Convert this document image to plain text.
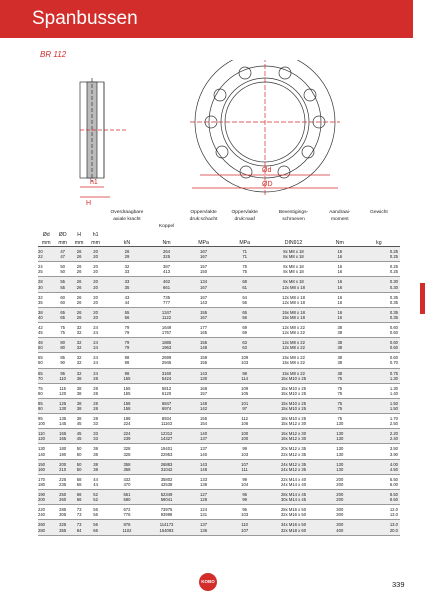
Spanbussen
BR 112
h1
H
Ød
ØD
				Overdraagbare		Oppervlakte	Oppervlakte	Bevestigings-	Aandraai-	Gewicht
				axiale kracht		druk:schacht	druk:naaf	schroeven	moment	
					Koppel					
Ød	ØD	H	h1							
mm	mm	mm	mm	kN	Nm	MPa	MPa	DIN912	Nm	kg
20	47	26	20	26	264	167	71	8x M8 x 18	16	0.25
22	47	26	20	29	325	167	71	8x M8 x 18	16	0.25
24	50	26	20	32	387	157	75	8x M8 x 18	16	0.25
25	50	26	20	33	413	150	75	8x M8 x 18	16	0.25
28	55	26	20	33	462	134	68	8x M8 x 18	16	0.30
30	55	26	20	35	661	167	61	12x M8 x 18	16	0.30
32	60	26	20	43	735	167	64	12x M8 x 18	16	0.35
35	60	26	20	44	777	143	56	12x M8 x 18	16	0.35
38	65	26	20	55	1347	155	65	15x M8 x 18	16	0.35
40	65	26	20	56	1122	167	56	15x M8 x 18	16	0.35
42	75	32	24	79	1649	177	69	12x M8 x 22	38	0.60
45	75	32	24	79	1767	165	69	12x M8 x 22	38	0.60
48	80	32	24	79	1885	155	63	12x M8 x 22	38	0.60
50	80	32	24	79	1963	148	63	12x M8 x 22	38	0.60
55	85	32	24	98	2699	159	109	15x M8 x 22	38	0.60
60	90	32	24	98	2945	155	103	15x M8 x 22	38	0.70
65	95	32	24	98	3160	143	98	15x M8 x 22	38	0.75
70	110	38	28	155	5424	130	114	15x M10 x 25	75	1.30
75	115	38	28	155	5812	168	109	15x M10 x 25	75	1.30
80	120	38	28	155	6120	157	105	15x M10 x 25	75	1.40
85	125	38	28	158	6847	148	101	15x M10 x 25	75	1.50
90	130	38	28	158	6974	142	97	15x M10 x 25	75	1.50
95	135	38	28	188	8934	155	112	18x M10 x 25	75	1.70
100	145	45	33	224	11163	154	106	15x M12 x 30	130	2.50
110	155	45	33	224	12312	140	100	15x M12 x 30	130	2.20
120	165	45	33	239	14327	137	100	16x M12 x 30	130	2.40
130	180	50	38	328	19401	137	99	20x M12 x 35	130	3.50
140	190	50	38	328	22953	140	103	22x M12 x 35	130	3.90
150	200	50	38	358	26883	143	107	24x M12 x 35	130	4.00
160	210	50	38	358	31042	148	111	24x M12 x 35	130	4.50
170	225	58	44	432	35802	133	99	22x M14 x 40	200	5.50
180	235	58	44	470	42538	138	104	24x M14 x 40	200	6.00
190	250	66	52	551	52349	127	95	28x M14 x 45	200	8.50
200	260	66	52	590	59041	128	99	30x M14 x 45	200	8.50
220	285	73	56	672	73975	124	95	28x M16 x 50	300	12.0
240	305	73	56	776	93998	131	103	32x M16 x 50	300	13.0
260	325	73	56	878	114173	137	110	34x M16 x 50	300	13.0
280	355	84	66	1102	154093	136	107	32x M18 x 60	400	20.0
KOBO	339
